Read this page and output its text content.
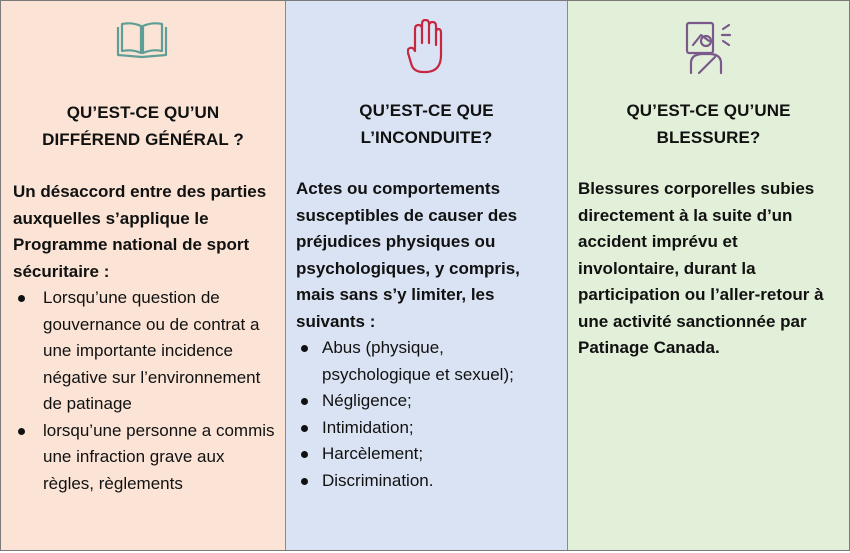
QU’EST-CE QU’UN
DIFFÉREND GÉNÉRAL ?

Un désaccord entre des parties auxquelles s’applique le Programme national de sport sécuritaire :

Lorsqu’une question de gouvernance ou de contrat a une importante incidence négative sur l’environnement de patinage
lorsqu’une personne a commis une infraction grave aux règles, règlements
QU’EST-CE QUE
L’INCONDUITE?

Actes ou comportements susceptibles de causer des préjudices physiques ou psychologiques, y compris, mais sans s’y limiter, les suivants :

Abus (physique, psychologique et sexuel);
Négligence;
Intimidation;
Harcèlement;
Discrimination.
QU’EST-CE QU’UNE
BLESSURE?

Blessures corporelles subies directement à la suite d’un accident imprévu et involontaire, durant la participation ou l’aller-retour à une activité sanctionnée par Patinage Canada.
